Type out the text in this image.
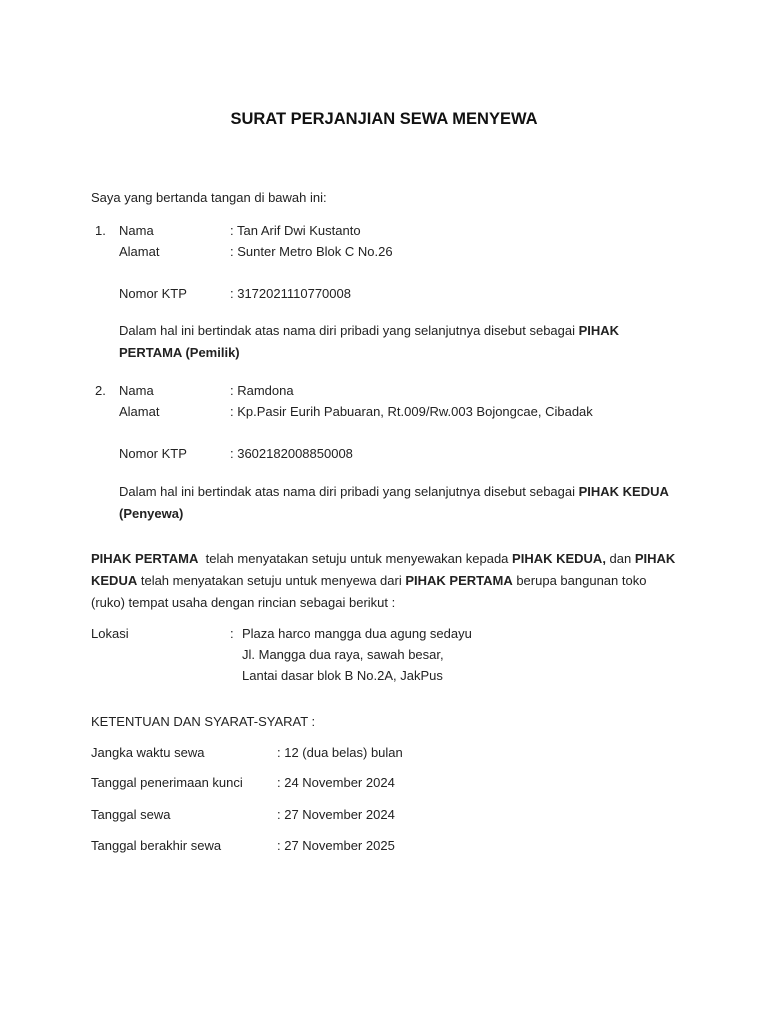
SURAT PERJANJIAN SEWA MENYEWA
Saya yang bertanda tangan di bawah ini:
1. Nama	: Tan Arif Dwi Kustanto
Alamat	: Sunter Metro Blok C No.26
Nomor KTP	: 3172021110770008
Dalam hal ini bertindak atas nama diri pribadi yang selanjutnya disebut sebagai PIHAK
PERTAMA (Pemilik)
2. Nama	: Ramdona
Alamat	: Kp.Pasir Eurih Pabuaran, Rt.009/Rw.003 Bojongcae, Cibadak
Nomor KTP	: 3602182008850008
Dalam hal ini bertindak atas nama diri pribadi yang selanjutnya disebut sebagai PIHAK KEDUA
(Penyewa)
PIHAK PERTAMA  telah menyatakan setuju untuk menyewakan kepada PIHAK KEDUA, dan PIHAK
KEDUA telah menyatakan setuju untuk menyewa dari PIHAK PERTAMA berupa bangunan toko
(ruko) tempat usaha dengan rincian sebagai berikut :
Lokasi	: Plaza harco mangga dua agung sedayu
Jl. Mangga dua raya, sawah besar,
Lantai dasar blok B No.2A, JakPus
KETENTUAN DAN SYARAT-SYARAT :
Jangka waktu sewa	: 12 (dua belas) bulan
Tanggal penerimaan kunci	: 24 November 2024
Tanggal sewa	: 27 November 2024
Tanggal berakhir sewa	: 27 November 2025
